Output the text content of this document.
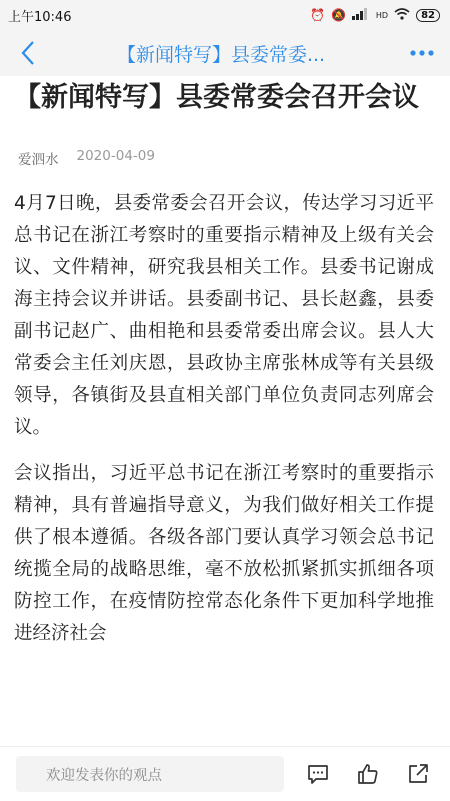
上午10:46	⏰ 🔕	HD	82
【新闻特写】县委常委...
【新闻特写】县委常委会召开会议
爱泗水 2020-04-09

4月7日晚，县委常委会召开会议，传达学习习近平总书记在浙江考察时的重要指示精神及上级有关会议、文件精神，研究我县相关工作。县委书记谢成海主持会议并讲话。县委副书记、县长赵鑫，县委副书记赵广、曲相艳和县委常委出席会议。县人大常委会主任刘庆恩，县政协主席张林成等有关县级领导，各镇街及县直相关部门单位负责同志列席会议。

会议指出，习近平总书记在浙江考察时的重要指示精神，具有普遍指导意义，为我们做好相关工作提供了根本遵循。各级各部门要认真学习领会总书记统揽全局的战略思维，毫不放松抓紧抓实抓细各项防控工作，在疫情防控常态化条件下更加科学地推进经济社会

欢迎发表你的观点
